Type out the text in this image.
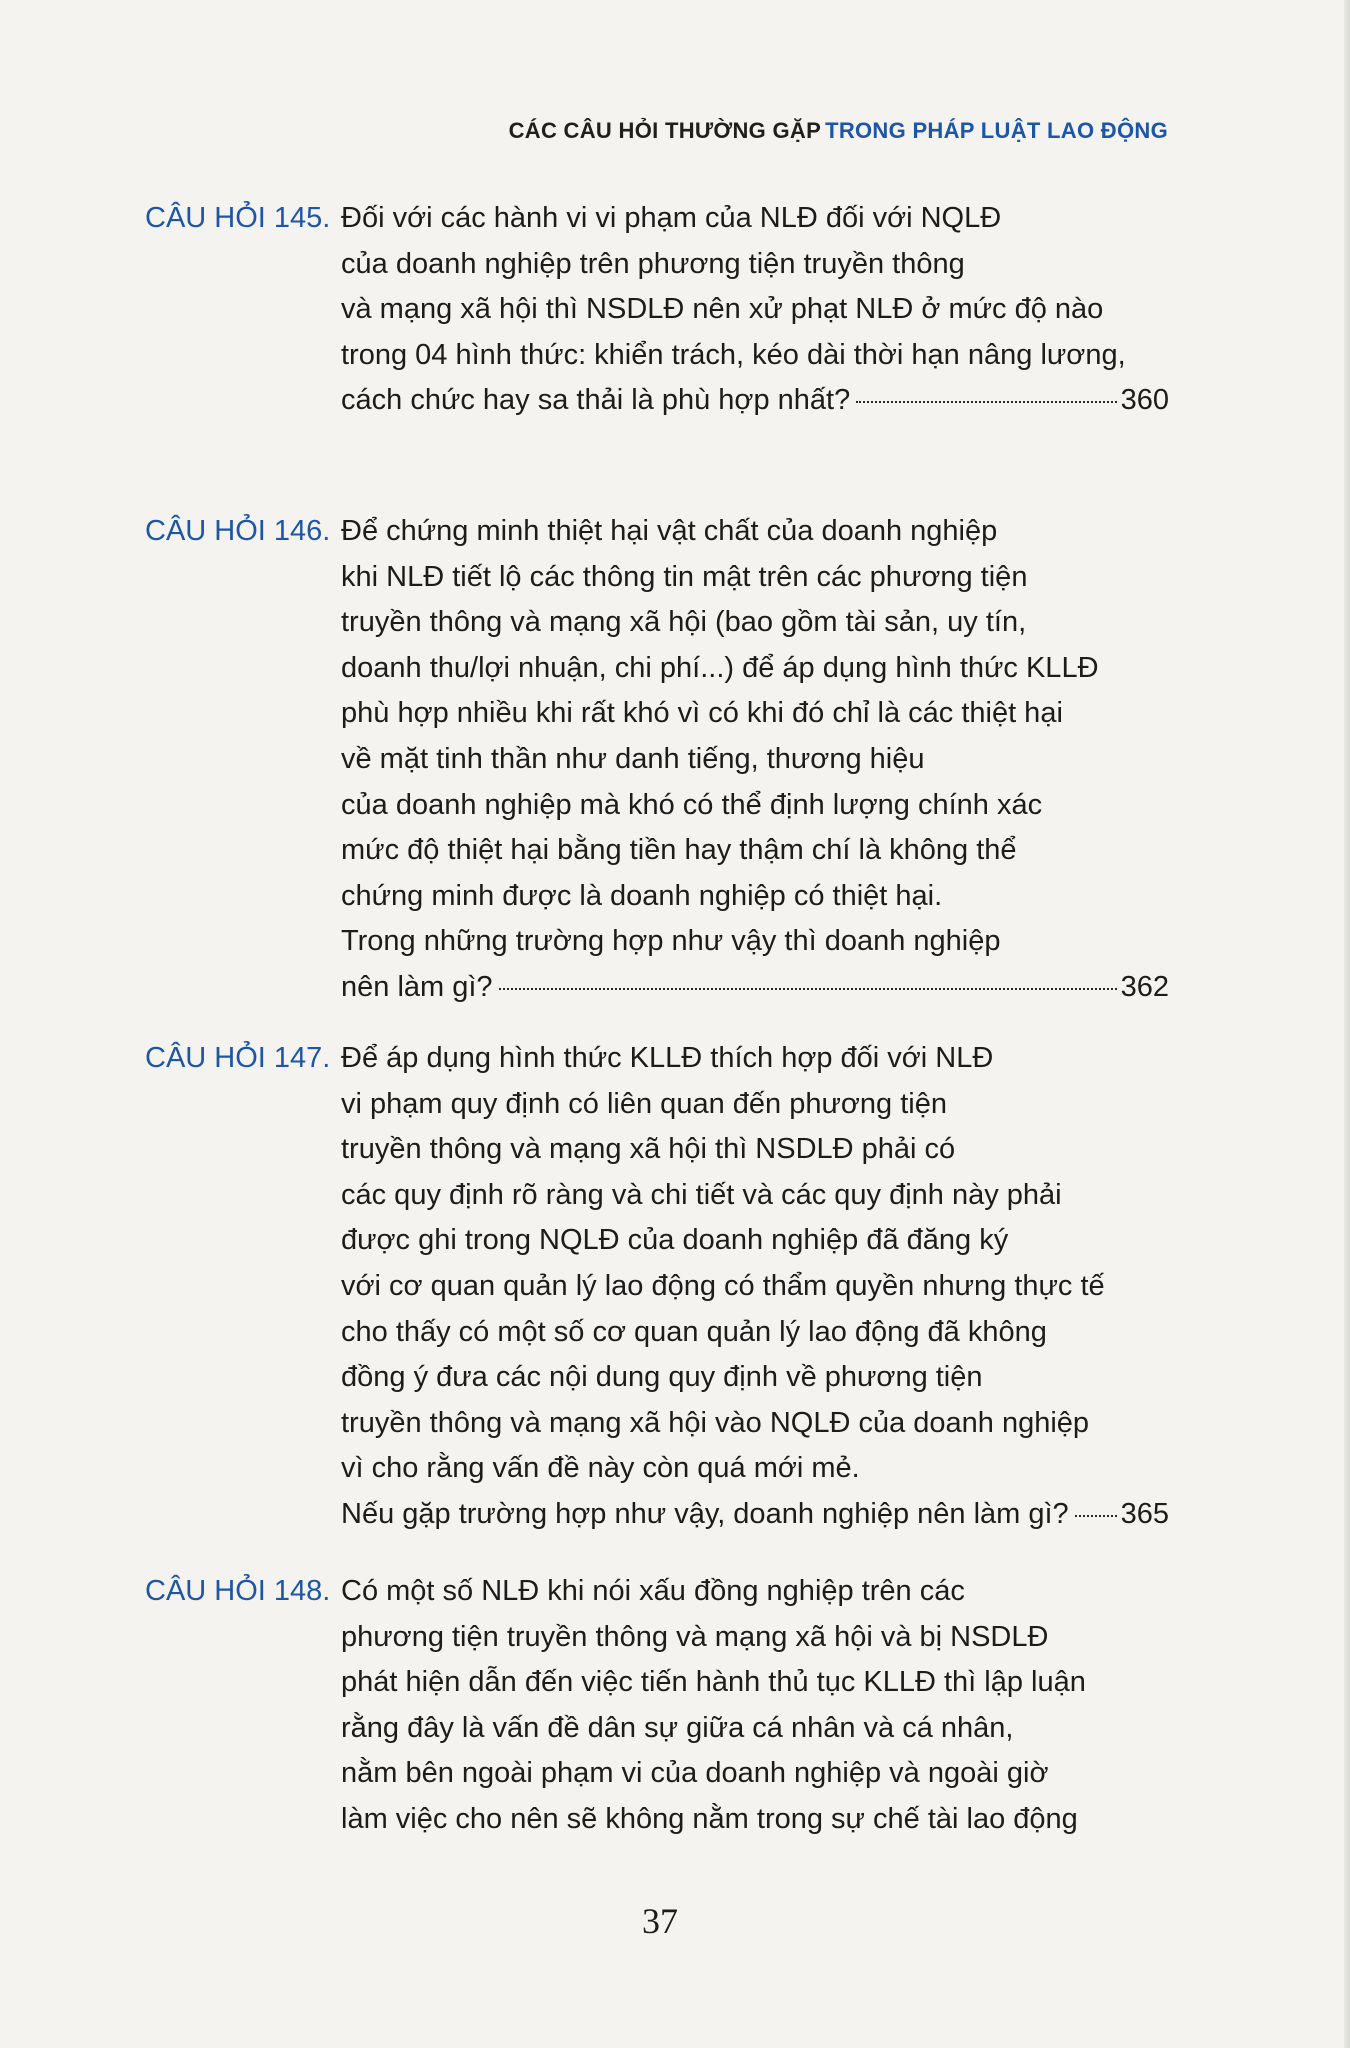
CÁC CÂU HỎI THƯỜNG GẶP TRONG PHÁP LUẬT LAO ĐỘNG
CÂU HỎI 145. Đối với các hành vi vi phạm của NLĐ đối với NQLĐ
của doanh nghiệp trên phương tiện truyền thông
và mạng xã hội thì NSDLĐ nên xử phạt NLĐ ở mức độ nào
trong 04 hình thức: khiển trách, kéo dài thời hạn nâng lương,
cách chức hay sa thải là phù hợp nhất?	360
CÂU HỎI 146. Để chứng minh thiệt hại vật chất của doanh nghiệp
khi NLĐ tiết lộ các thông tin mật trên các phương tiện
truyền thông và mạng xã hội (bao gồm tài sản, uy tín,
doanh thu/lợi nhuận, chi phí...) để áp dụng hình thức KLLĐ
phù hợp nhiều khi rất khó vì có khi đó chỉ là các thiệt hại
về mặt tinh thần như danh tiếng, thương hiệu
của doanh nghiệp mà khó có thể định lượng chính xác
mức độ thiệt hại bằng tiền hay thậm chí là không thể
chứng minh được là doanh nghiệp có thiệt hại.
Trong những trường hợp như vậy thì doanh nghiệp
nên làm gì?	362
CÂU HỎI 147. Để áp dụng hình thức KLLĐ thích hợp đối với NLĐ
vi phạm quy định có liên quan đến phương tiện
truyền thông và mạng xã hội thì NSDLĐ phải có
các quy định rõ ràng và chi tiết và các quy định này phải
được ghi trong NQLĐ của doanh nghiệp đã đăng ký
với cơ quan quản lý lao động có thẩm quyền nhưng thực tế
cho thấy có một số cơ quan quản lý lao động đã không
đồng ý đưa các nội dung quy định về phương tiện
truyền thông và mạng xã hội vào NQLĐ của doanh nghiệp
vì cho rằng vấn đề này còn quá mới mẻ.
Nếu gặp trường hợp như vậy, doanh nghiệp nên làm gì? 365
CÂU HỎI 148. Có một số NLĐ khi nói xấu đồng nghiệp trên các
phương tiện truyền thông và mạng xã hội và bị NSDLĐ
phát hiện dẫn đến việc tiến hành thủ tục KLLĐ thì lập luận
rằng đây là vấn đề dân sự giữa cá nhân và cá nhân,
nằm bên ngoài phạm vi của doanh nghiệp và ngoài giờ
làm việc cho nên sẽ không nằm trong sự chế tài lao động
37
